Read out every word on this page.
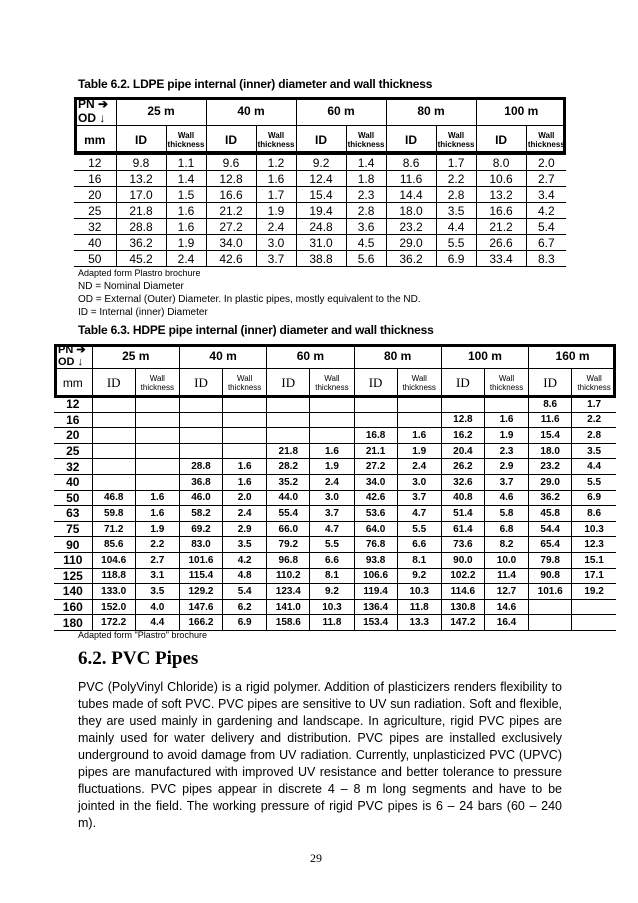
Table 6.2. LDPE pipe internal (inner) diameter and wall thickness
PN ➔
OD ↓	25 m		40 m		60 m		80 m		100 m	
mm	ID	Wall thickness	ID	Wall thickness	ID	Wall thickness	ID	Wall thickness	ID	Wall thickness
12	9.8	1.1	9.6	1.2	9.2	1.4	8.6	1.7	8.0	2.0
16	13.2	1.4	12.8	1.6	12.4	1.8	11.6	2.2	10.6	2.7
20	17.0	1.5	16.6	1.7	15.4	2.3	14.4	2.8	13.2	3.4
25	21.8	1.6	21.2	1.9	19.4	2.8	18.0	3.5	16.6	4.2
32	28.8	1.6	27.2	2.4	24.8	3.6	23.2	4.4	21.2	5.4
40	36.2	1.9	34.0	3.0	31.0	4.5	29.0	5.5	26.6	6.7
50	45.2	2.4	42.6	3.7	38.8	5.6	36.2	6.9	33.4	8.3
Adapted form Plastro brochure
ND = Nominal Diameter
OD = External (Outer) Diameter. In plastic pipes, mostly equivalent to the ND.
ID = Internal (inner) Diameter
Table 6.3. HDPE pipe internal (inner) diameter and wall thickness
PN ➔
OD ↓	25 m		40 m		60 m		80 m		100 m		160 m	
mm	ID	Wall thickness	ID	Wall thickness	ID	Wall thickness	ID	Wall thickness	ID	Wall thickness	ID	Wall thickness
12											8.6	1.7
16									12.8	1.6	11.6	2.2
20							16.8	1.6	16.2	1.9	15.4	2.8
25					21.8	1.6	21.1	1.9	20.4	2.3	18.0	3.5
32			28.8	1.6	28.2	1.9	27.2	2.4	26.2	2.9	23.2	4.4
40			36.8	1.6	35.2	2.4	34.0	3.0	32.6	3.7	29.0	5.5
50	46.8	1.6	46.0	2.0	44.0	3.0	42.6	3.7	40.8	4.6	36.2	6.9
63	59.8	1.6	58.2	2.4	55.4	3.7	53.6	4.7	51.4	5.8	45.8	8.6
75	71.2	1.9	69.2	2.9	66.0	4.7	64.0	5.5	61.4	6.8	54.4	10.3
90	85.6	2.2	83.0	3.5	79.2	5.5	76.8	6.6	73.6	8.2	65.4	12.3
110	104.6	2.7	101.6	4.2	96.8	6.6	93.8	8.1	90.0	10.0	79.8	15.1
125	118.8	3.1	115.4	4.8	110.2	8.1	106.6	9.2	102.2	11.4	90.8	17.1
140	133.0	3.5	129.2	5.4	123.4	9.2	119.4	10.3	114.6	12.7	101.6	19.2
160	152.0	4.0	147.6	6.2	141.0	10.3	136.4	11.8	130.8	14.6		
180	172.2	4.4	166.2	6.9	158.6	11.8	153.4	13.3	147.2	16.4		
Adapted form "Plastro" brochure
6.2. PVC Pipes
PVC (PolyVinyl Chloride) is a rigid polymer. Addition of plasticizers renders flexibility to tubes made of soft PVC. PVC pipes are sensitive to UV sun radiation. Soft and flexible, they are used mainly in gardening and landscape. In agriculture, rigid PVC pipes are mainly used for water delivery and distribution. PVC pipes are installed exclusively underground to avoid damage from UV radiation. Currently, unplasticized PVC (UPVC) pipes are manufactured with improved UV resistance and better tolerance to pressure fluctuations. PVC pipes appear in discrete 4 – 8 m long segments and have to be jointed in the field. The working pressure of rigid PVC pipes is 6 – 24 bars (60 – 240 m).
29
